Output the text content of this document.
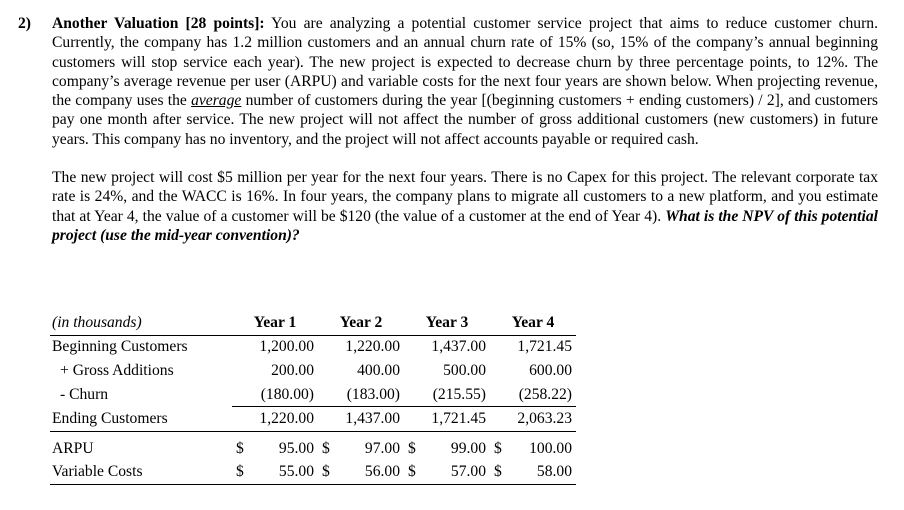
2) Another Valuation [28 points]: You are analyzing a potential customer service project that aims to reduce customer churn. Currently, the company has 1.2 million customers and an annual churn rate of 15% (so, 15% of the company’s annual beginning customers will stop service each year). The new project is expected to decrease churn by three percentage points, to 12%. The company’s average revenue per user (ARPU) and variable costs for the next four years are shown below. When projecting revenue, the company uses the average number of customers during the year [(beginning customers + ending customers) / 2], and customers pay one month after service. The new project will not affect the number of gross additional customers (new customers) in future years. This company has no inventory, and the project will not affect accounts payable or required cash.

The new project will cost $5 million per year for the next four years. There is no Capex for this project. The relevant corporate tax rate is 24%, and the WACC is 16%. In four years, the company plans to migrate all customers to a new platform, and you estimate that at Year 4, the value of a customer will be $120 (the value of a customer at the end of Year 4). What is the NPV of this potential project (use the mid-year convention)?

(in thousands)	Year 1	Year 2	Year 3	Year 4
Beginning Customers	1,200.00	1,220.00	1,437.00	1,721.45
+ Gross Additions	200.00	400.00	500.00	600.00
- Churn	(180.00)	(183.00)	(215.55)	(258.22)
Ending Customers	1,220.00	1,437.00	1,721.45	2,063.23

ARPU	$ 95.00	$ 97.00	$ 99.00	$ 100.00

Variable Costs	$ 55.00	$ 56.00	$ 57.00	$ 58.00
